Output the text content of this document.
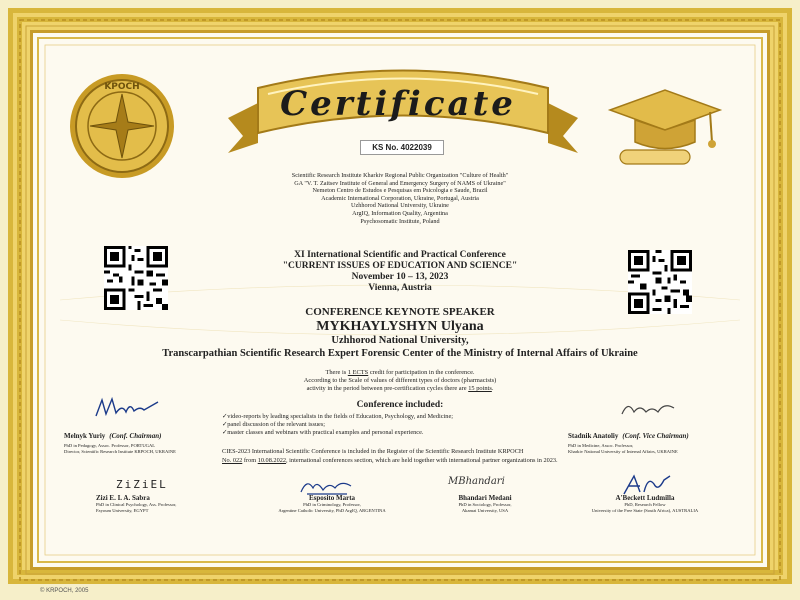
KPOCH	Certificate
KS No. 4022039
Scientific Research Institute Kharkiv Regional Public Organization "Culture of Health"
GA "V. T. Zaitsev Institute of General and Emergency Surgery of NAMS of Ukraine"
Nemeton Centro de Estudos e Pesquisas em Psicologia e Saude, Brazil
Academic International Corporation, Ukraine, Portugal, Austria
Uzhhorod National University, Ukraine
ArgIQ, Information Quality, Argentina
Psychosomatic Institute, Poland
XI International Scientific and Practical Conference
"CURRENT ISSUES OF EDUCATION AND SCIENCE"
November 10 – 13, 2023
Vienna, Austria
CONFERENCE KEYNOTE SPEAKER
MYKHAYLYSHYN Ulyana
Uzhhorod National University,
Transcarpathian Scientific Research Expert Forensic Center of the Ministry of Internal Affairs of Ukraine
There is 1 ECTS credit for participation in the conference.
According to the Scale of values of different types of doctors (pharmacists)
activity in the period between pre-certification cycles there are 15 points.
Conference included:
✓ video-reports by leading specialists in the fields of Education, Psychology, and Medicine;
✓ panel discussion of the relevant issues;
✓ master classes and webinars with practical examples and personal experience.
CIES-2023 International Scientific Conference is included in the Register of the Scientific Research Institute KRPOCH
No. 022 from 10.08.2022, international conferences section, which are held together with international partner organizations in 2023.
Melnyk Yuriy (Conf. Chairman)
PhD in Pedagogy, Assoc. Professor, PORTUGAL
Director, Scientific Research Institute KRPOCH, UKRAINE
Stadnik Anatoliy (Conf. Vice Chairman)
PhD in Medicine, Assoc. Professor,
Kharkiv National University of Internal Affairs, UKRAINE
ZiZiEL
Zizi E. I. A. Sabra
PhD in Clinical Psychology, Ass. Professor,
Fayoum University, EGYPT
Esposito Marta
PhD in Criminology, Professor,
Argentine Catholic University, PhD ArgIQ, ARGENTINA
MBhandari
Bhandari Medani
PhD in Sociology, Professor,
Akamai University, USA
A'Beckett Ludmilla
PhD, Research Fellow
University of the Free State (South Africa), AUSTRALIA
© KRPOCH, 2005
